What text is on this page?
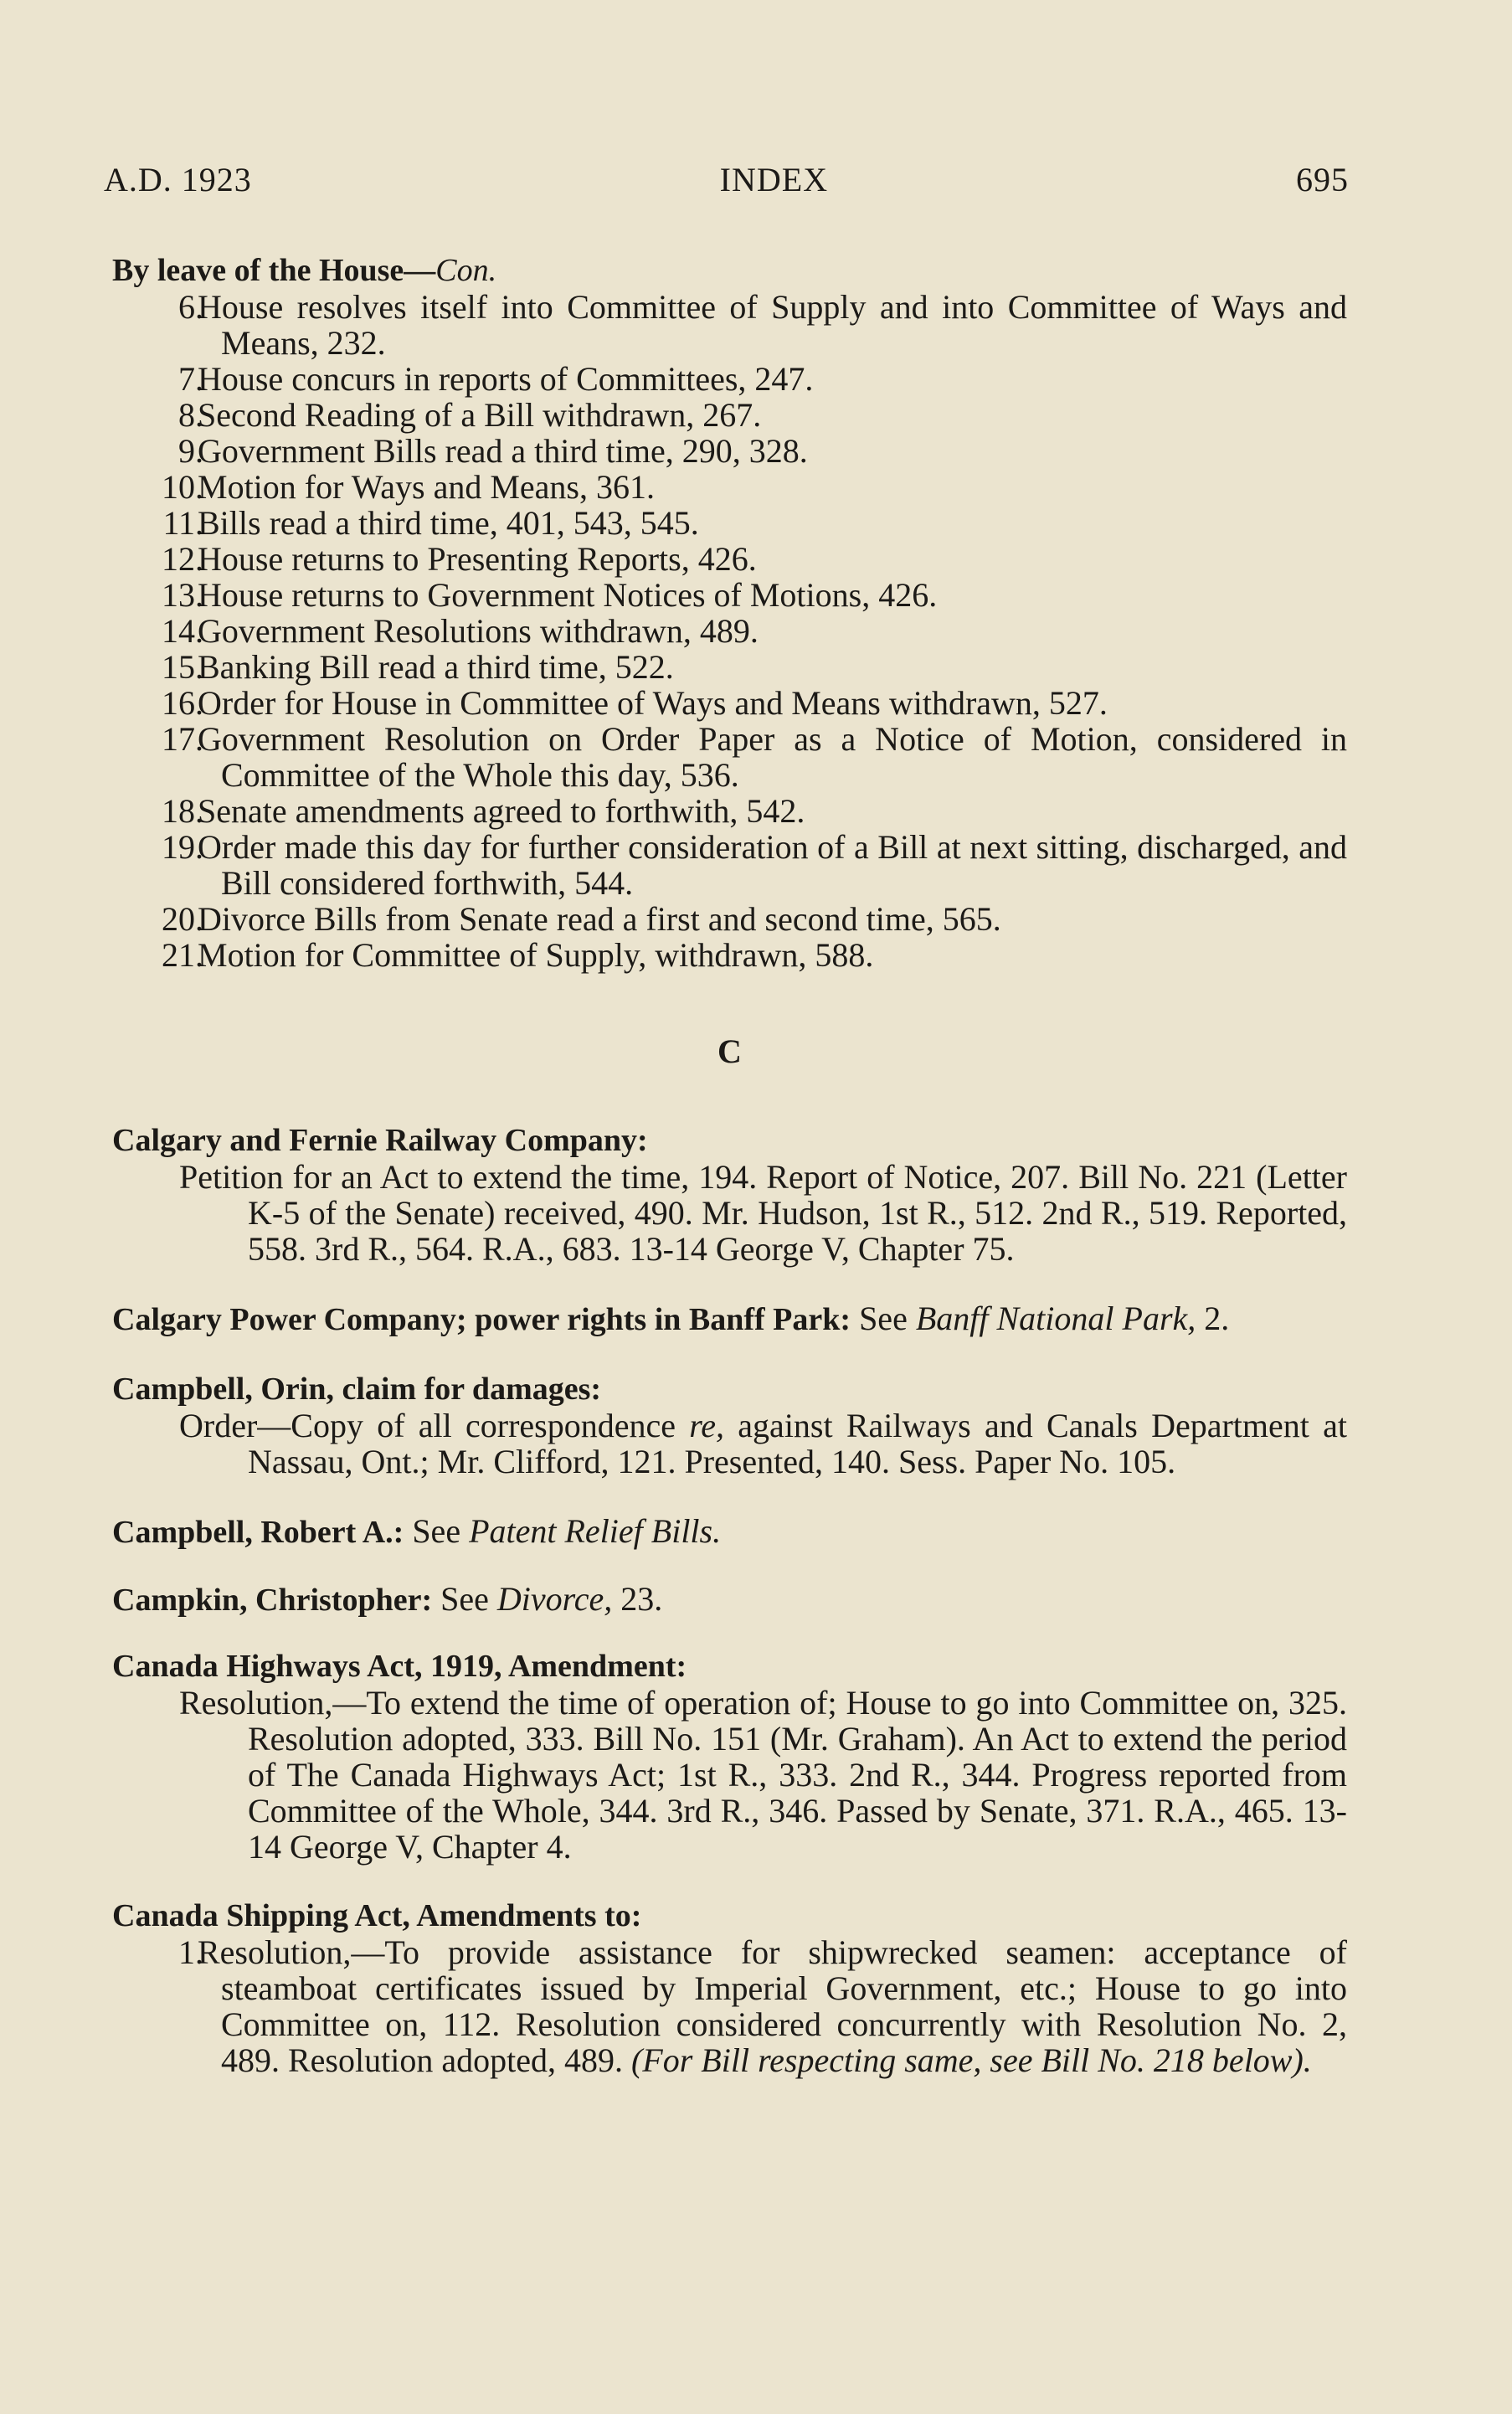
A.D. 1923	INDEX	695
By leave of the House—Con.
6.
House resolves itself into Committee of Supply and into Committee of Ways and Means, 232.
7.
House concurs in reports of Committees, 247.
8.
Second Reading of a Bill withdrawn, 267.
9.
Government Bills read a third time, 290, 328.
10.
Motion for Ways and Means, 361.
11.
Bills read a third time, 401, 543, 545.
12.
House returns to Presenting Reports, 426.
13.
House returns to Government Notices of Motions, 426.
14.
Government Resolutions withdrawn, 489.
15.
Banking Bill read a third time, 522.
16.
Order for House in Committee of Ways and Means withdrawn, 527.
17.
Government Resolution on Order Paper as a Notice of Motion, considered in Committee of the Whole this day, 536.
18.
Senate amendments agreed to forthwith, 542.
19.
Order made this day for further consideration of a Bill at next sitting, discharged, and Bill considered forthwith, 544.
20.
Divorce Bills from Senate read a first and second time, 565.
21.
Motion for Committee of Supply, withdrawn, 588.
C
Calgary and Fernie Railway Company:
Petition for an Act to extend the time, 194. Report of Notice, 207. Bill No. 221 (Letter K-5 of the Senate) received, 490. Mr. Hudson, 1st R., 512. 2nd R., 519. Reported, 558. 3rd R., 564. R.A., 683. 13-14 George V, Chapter 75.
Calgary Power Company; power rights in Banff Park: See Banff National Park, 2.
Campbell, Orin, claim for damages:
Order—Copy of all correspondence re, against Railways and Canals Department at Nassau, Ont.; Mr. Clifford, 121. Presented, 140. Sess. Paper No. 105.
Campbell, Robert A.: See Patent Relief Bills.
Campkin, Christopher: See Divorce, 23.
Canada Highways Act, 1919, Amendment:
Resolution,—To extend the time of operation of; House to go into Committee on, 325. Resolution adopted, 333. Bill No. 151 (Mr. Graham). An Act to extend the period of The Canada Highways Act; 1st R., 333. 2nd R., 344. Progress reported from Committee of the Whole, 344. 3rd R., 346. Passed by Senate, 371. R.A., 465. 13-14 George V, Chapter 4.
Canada Shipping Act, Amendments to:
1.
Resolution,—To provide assistance for shipwrecked seamen: acceptance of steamboat certificates issued by Imperial Government, etc.; House to go into Committee on, 112. Resolution considered concurrently with Resolution No. 2, 489. Resolution adopted, 489. (For Bill respecting same, see Bill No. 218 below).
